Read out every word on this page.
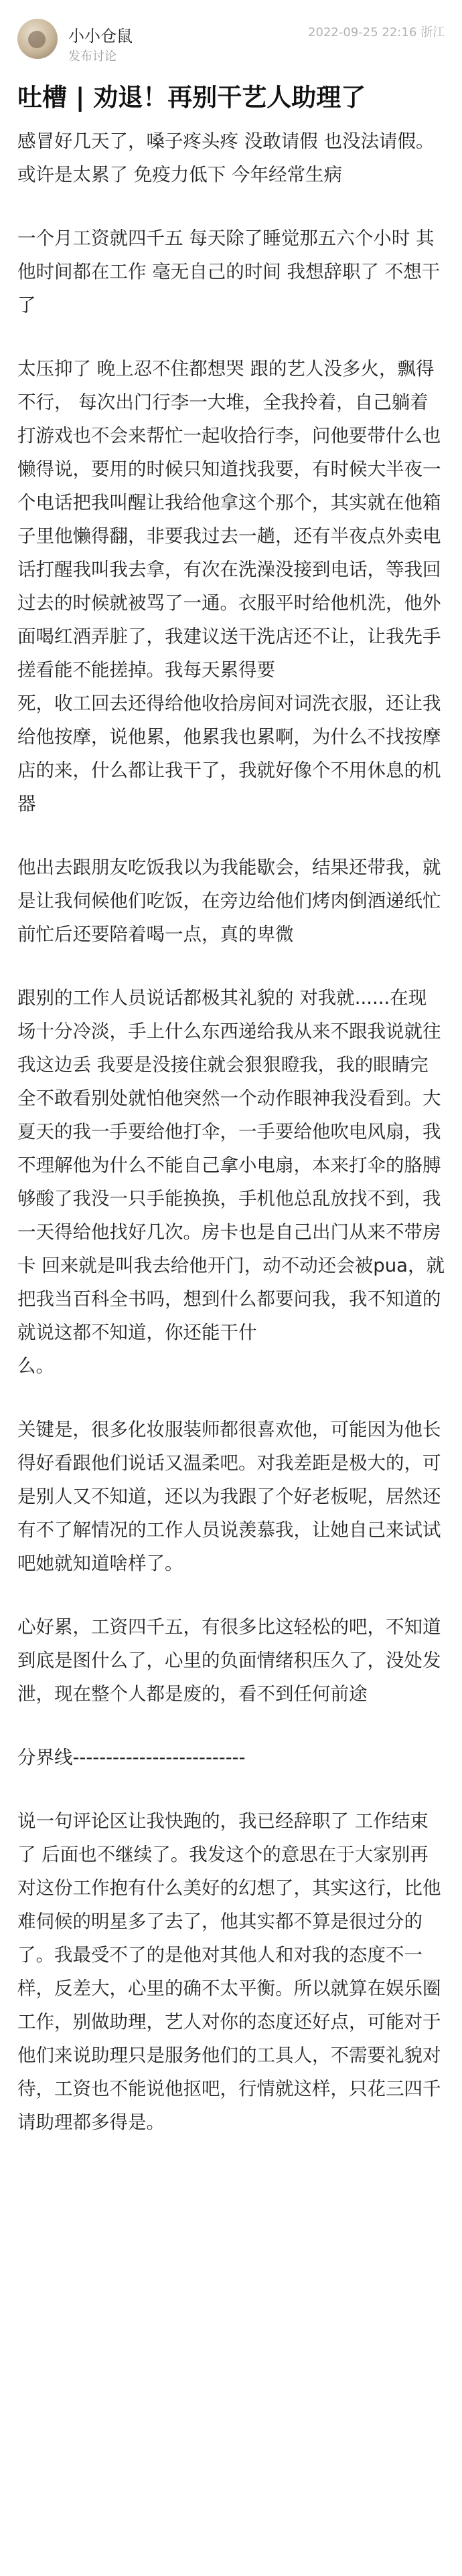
小小仓鼠
发布讨论
2022-09-25 22:16 浙江
吐槽 | 劝退！再别干艺人助理了

感冒好几天了，嗓子疼头疼 没敢请假 也没法请假。 或许是太累了 免疫力低下 今年经常生病

一个月工资就四千五 每天除了睡觉那五六个小时 其他时间都在工作 毫无自己的时间 我想辞职了 不想干了

太压抑了 晚上忍不住都想哭 跟的艺人没多火，飘得不行， 每次出门行李一大堆，全我拎着，自己躺着打游戏也不会来帮忙一起收拾行李，问他要带什么也懒得说，要用的时候只知道找我要，有时候大半夜一个电话把我叫醒让我给他拿这个那个，其实就在他箱子里他懒得翻，非要我过去一趟，还有半夜点外卖电话打醒我叫我去拿，有次在洗澡没接到电话，等我回过去的时候就被骂了一通。衣服平时给他机洗，他外面喝红酒弄脏了，我建议送干洗店还不让，让我先手搓看能不能搓掉。我每天累得要
死，收工回去还得给他收拾房间对词洗衣服，还让我给他按摩，说他累，他累我也累啊，为什么不找按摩店的来，什么都让我干了，我就好像个不用休息的机器

他出去跟朋友吃饭我以为我能歇会，结果还带我，就是让我伺候他们吃饭，在旁边给他们烤肉倒酒递纸忙前忙后还要陪着喝一点，真的卑微

跟别的工作人员说话都极其礼貌的 对我就......在现场十分冷淡，手上什么东西递给我从来不跟我说就往我这边丢 我要是没接住就会狠狠瞪我，我的眼睛完全不敢看别处就怕他突然一个动作眼神我没看到。大夏天的我一手要给他打伞，一手要给他吹电风扇，我不理解他为什么不能自己拿小电扇，本来打伞的胳膊够酸了我没一只手能换换，手机他总乱放找不到，我一天得给他找好几次。房卡也是自己出门从来不带房卡 回来就是叫我去给他开门，动不动还会被pua，就把我当百科全书吗，想到什么都要问我，我不知道的就说这都不知道，你还能干什
么。

关键是，很多化妆服装师都很喜欢他，可能因为他长得好看跟他们说话又温柔吧。对我差距是极大的，可是别人又不知道，还以为我跟了个好老板呢，居然还有不了解情况的工作人员说羡慕我，让她自己来试试吧她就知道啥样了。

心好累，工资四千五，有很多比这轻松的吧，不知道到底是图什么了，心里的负面情绪积压久了，没处发泄，现在整个人都是废的，看不到任何前途

分界线--------------------------

说一句评论区让我快跑的，我已经辞职了 工作结束了 后面也不继续了。我发这个的意思在于大家别再对这份工作抱有什么美好的幻想了，其实这行，比他难伺候的明星多了去了，他其实都不算是很过分的了。我最受不了的是他对其他人和对我的态度不一样，反差大，心里的确不太平衡。所以就算在娱乐圈工作，别做助理，艺人对你的态度还好点，可能对于他们来说助理只是服务他们的工具人，不需要礼貌对待，工资也不能说他抠吧，行情就这样，只花三四千请助理都多得是。
